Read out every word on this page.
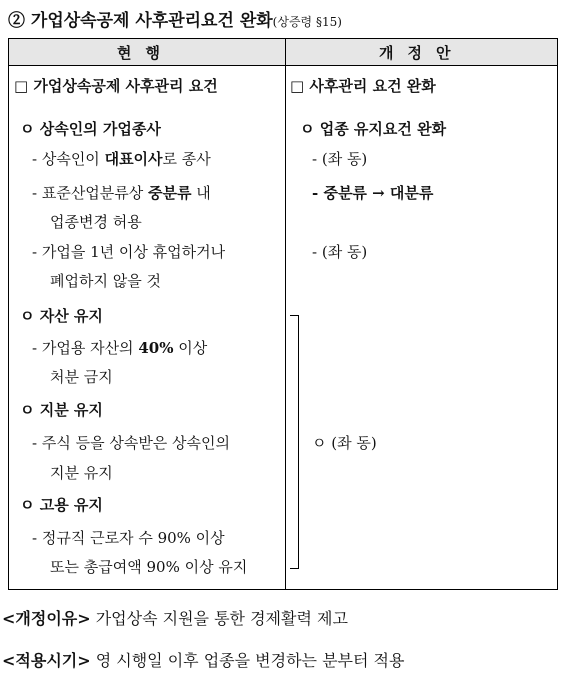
② 가업상속공제 사후관리요건 완화(상증령 §15)
현행	개정안
□ 가업상속공제 사후관리 요건
ㅇ 상속인의 가업종사
- 상속인이 대표이사로 종사
- 표준산업분류상 중분류 내
업종변경 허용
- 가업을 1년 이상 휴업하거나
폐업하지 않을 것
ㅇ 자산 유지
- 가업용 자산의 40% 이상
처분 금지
ㅇ 지분 유지
- 주식 등을 상속받은 상속인의
지분 유지
ㅇ 고용 유지
- 정규직 근로자 수 90% 이상
또는 총급여액 90% 이상 유지
□ 사후관리 요건 완화
ㅇ 업종 유지요건 완화
- (좌 동)
- 중분류 → 대분류
- (좌 동)
ㅇ (좌 동)
<개정이유> 가업상속 지원을 통한 경제활력 제고
<적용시기> 영 시행일 이후 업종을 변경하는 분부터 적용
